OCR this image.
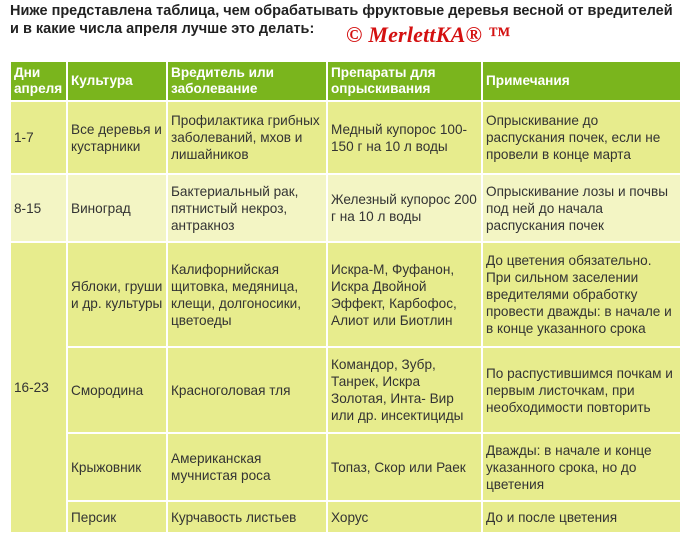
Ниже представлена таблица, чем обрабатывать фруктовые деревья весной от вредителей
и в какие числа апреля лучше это делать:	© MerlettKA® ™
Дни апреля	Культура	Вредитель или заболевание	Препараты для опрыскивания	Примечания
1-7	Все деревья и кустарники	Профилактика грибных заболеваний, мхов и лишайников	Медный купорос 100-150 г на 10 л воды	Опрыскивание до распускания почек, если не провели в конце марта
8-15	Виноград	Бактериальный рак, пятнистый некроз, антракноз	Железный купорос 200 г на 10 л воды	Опрыскивание лозы и почвы под ней до начала распускания почек
16-23	Яблоки, груши и др. культуры	Калифорнийская щитовка, медяница, клещи, долгоносики, цветоеды	Искра-М, Фуфанон, Искра Двойной Эффект, Карбофос, Алиот или Биотлин	До цветения обязательно. При сильном заселении вредителями обработку провести дважды: в начале и в конце указанного срока
	Смородина	Красноголовая тля	Командор, Зубр, Танрек, Искра Золотая, Инта- Вир или др. инсектициды	По распустившимся почкам и первым листочкам, при необходимости повторить
	Крыжовник	Американская мучнистая роса	Топаз, Скор или Раек	Дважды: в начале и конце указанного срока, но до цветения
	Персик	Курчавость листьев	Хорус	До и после цветения
